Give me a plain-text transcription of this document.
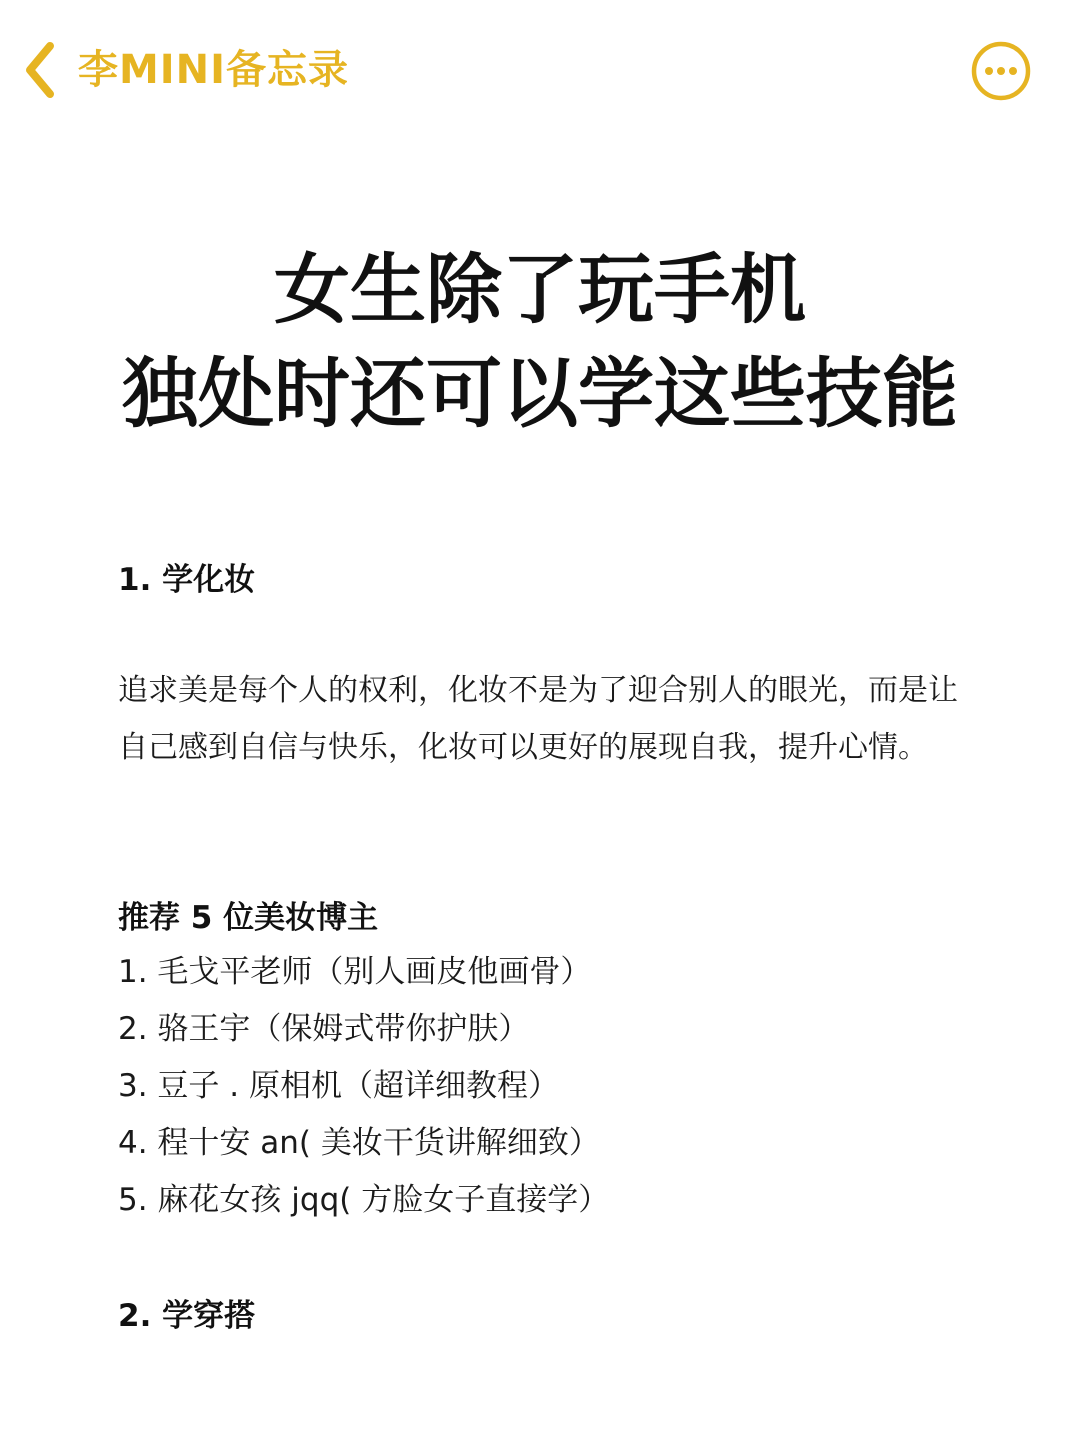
李MINI备忘录
女生除了玩手机
独处时还可以学这些技能
1. 学化妆
追求美是每个人的权利，化妆不是为了迎合别人的眼光，而是让自己感到自信与快乐，化妆可以更好的展现自我，提升心情。
推荐 5 位美妆博主
1. 毛戈平老师（别人画皮他画骨）
2. 骆王宇（保姆式带你护肤）
3. 豆子 . 原相机（超详细教程）
4. 程十安 an( 美妆干货讲解细致）
5. 麻花女孩 jqq( 方脸女子直接学）
2. 学穿搭
